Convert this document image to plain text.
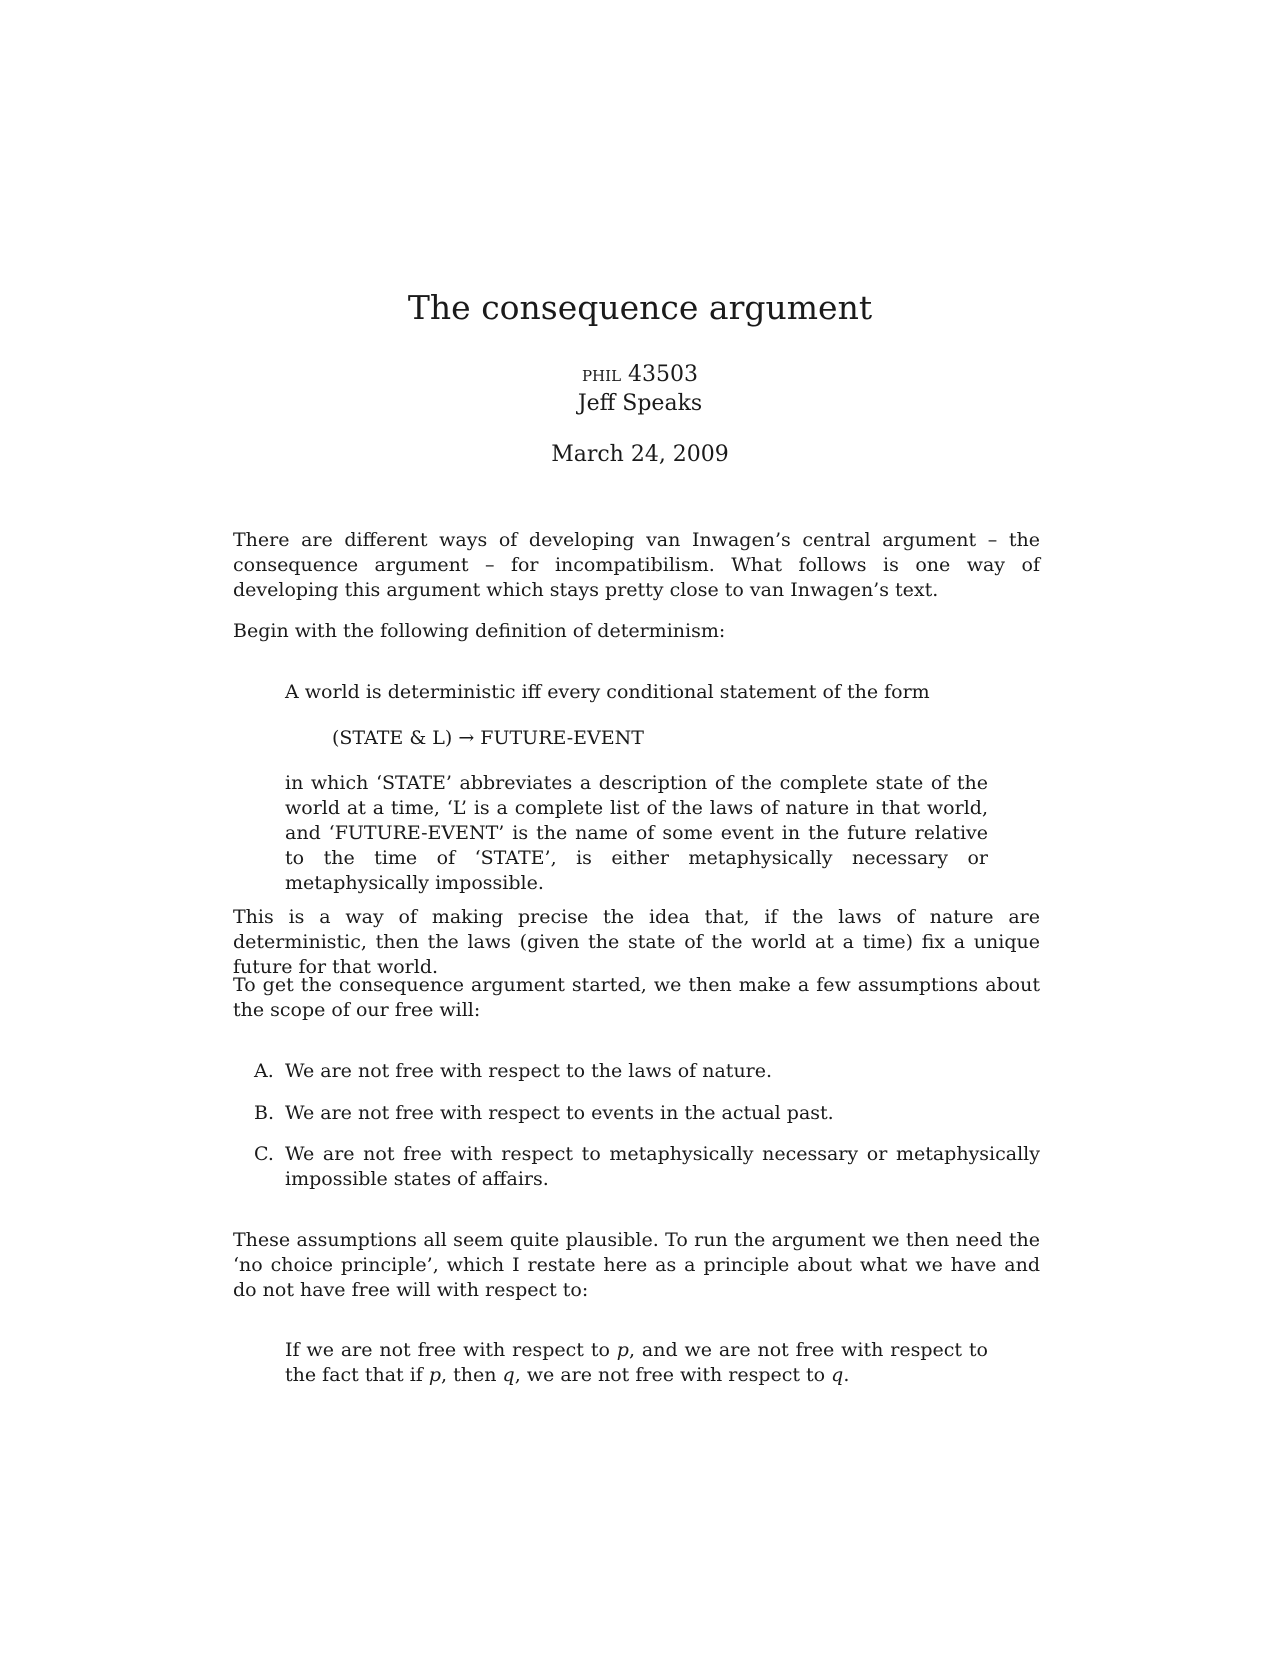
The consequence argument
phil 43503
Jeff Speaks
March 24, 2009

There are different ways of developing van Inwagen’s central argument – the consequence argument – for incompatibilism. What follows is one way of developing this argument which stays pretty close to van Inwagen’s text.

Begin with the following definition of determinism:

A world is deterministic iff every conditional statement of the form

(STATE & L) → FUTURE-EVENT

in which ‘STATE’ abbreviates a description of the complete state of the world at a time, ‘L’ is a complete list of the laws of nature in that world, and ‘FUTURE-EVENT’ is the name of some event in the future relative to the time of ‘STATE’, is either metaphysically necessary or metaphysically impossible.

This is a way of making precise the idea that, if the laws of nature are deterministic, then the laws (given the state of the world at a time) fix a unique future for that world.

To get the consequence argument started, we then make a few assumptions about the scope of our free will:

A. We are not free with respect to the laws of nature.
B. We are not free with respect to events in the actual past.
C. We are not free with respect to metaphysically necessary or metaphysically impossible states of affairs.

These assumptions all seem quite plausible. To run the argument we then need the ‘no choice principle’, which I restate here as a principle about what we have and do not have free will with respect to:

If we are not free with respect to p, and we are not free with respect to the fact that if p, then q, we are not free with respect to q.
